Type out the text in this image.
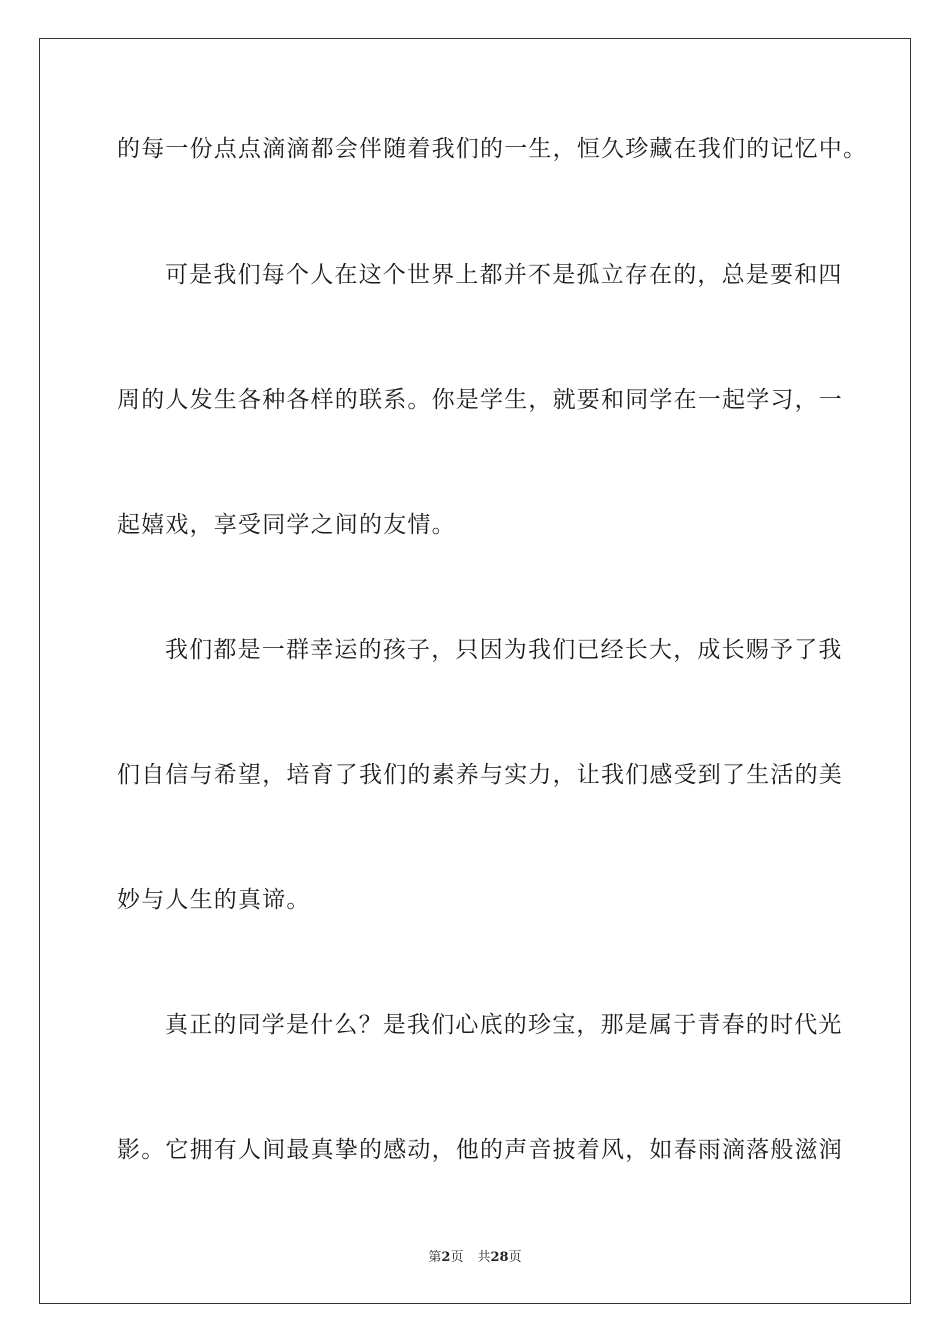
的每一份点点滴滴都会伴随着我们的一生，恒久珍藏在我们的记忆中。
可是我们每个人在这个世界上都并不是孤立存在的，总是要和四
周的人发生各种各样的联系。你是学生，就要和同学在一起学习，一
起嬉戏，享受同学之间的友情。
我们都是一群幸运的孩子，只因为我们已经长大，成长赐予了我
们自信与希望，培育了我们的素养与实力，让我们感受到了生活的美
妙与人生的真谛。
真正的同学是什么？是我们心底的珍宝，那是属于青春的时代光
影。它拥有人间最真挚的感动，他的声音披着风，如春雨滴落般滋润
第2页 共28页
